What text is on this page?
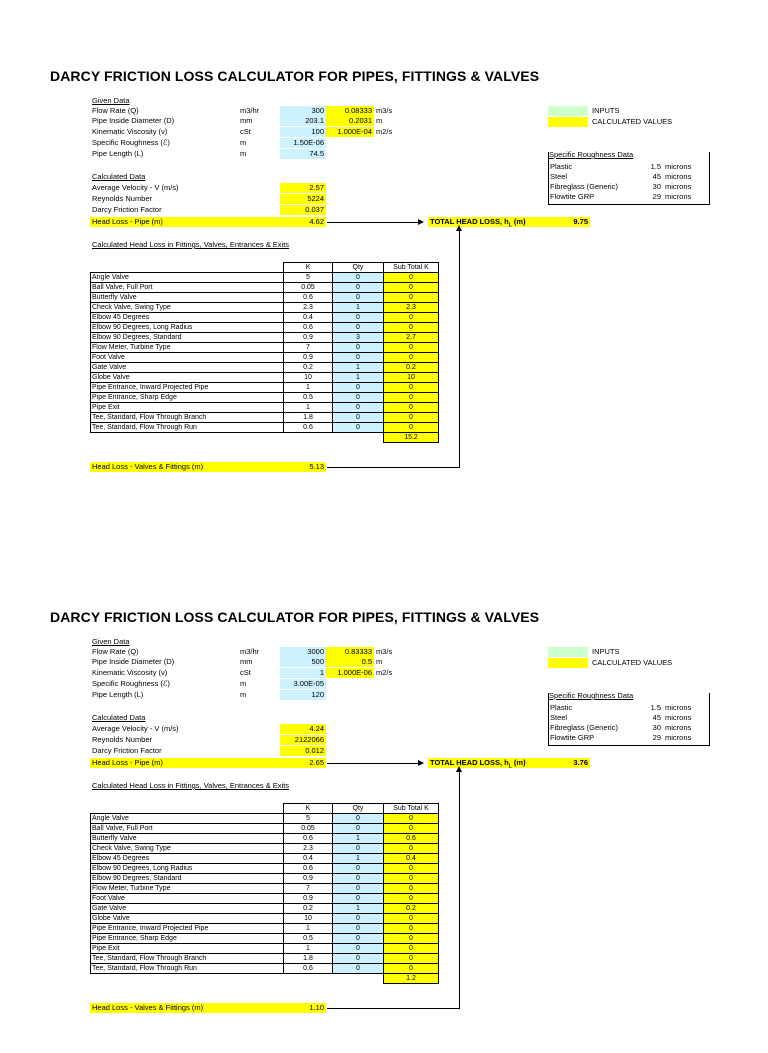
DARCY FRICTION LOSS CALCULATOR FOR PIPES, FITTINGS & VALVES
Given Data
Flow Rate (Q)	m3/hr	300	0.08333 m3/s
Pipe Inside Diameter (D)	mm	203.1	0.2031 m
Kinematic Viscosity (ν)	cSt	100	1.000E-04 m2/s
Specific Roughness (ℰ)	m	1.50E-06
Pipe Length (L)	m	74.5
Calculated Data
Average Velocity - V (m/s)	2.57
Reynolds Number	5224
Darcy Friction Factor	0.037
Head Loss - Pipe (m)	4.62	TOTAL HEAD LOSS, $h_L$ (m)	9.75
INPUTS
CALCULATED VALUES
Specific Roughness Data
Plastic	1.5 microns
Steel	45 microns
Fibreglass (Generic)	30 microns
Flowtite GRP	29 microns
Calculated Head Loss in Fittings, Valves, Entrances & Exits
	K	Qty	Sub Total K
Angle Valve	5	0	0
Ball Valve, Full Port	0.05	0	0
Butterfly Valve	0.6	0	0
Check Valve, Swing Type	2.3	1	2.3
Elbow 45 Degrees	0.4	0	0
Elbow 90 Degrees, Long Radius	0.6	0	0
Elbow 90 Degrees, Standard	0.9	3	2.7
Flow Meter, Turbine Type	7	0	0
Foot Valve	0.9	0	0
Gate Valve	0.2	1	0.2
Globe Valve	10	1	10
Pipe Entrance, Inward Projected Pipe	1	0	0
Pipe Entrance, Sharp Edge	0.5	0	0
Pipe Exit	1	0	0
Tee, Standard, Flow Through Branch	1.8	0	0
Tee, Standard, Flow Through Run	0.6	0	0
			15.2
Head Loss - Valves & Fittings (m)	5.13
DARCY FRICTION LOSS CALCULATOR FOR PIPES, FITTINGS & VALVES
Given Data
Flow Rate (Q)	m3/hr	3000	0.83333 m3/s
Pipe Inside Diameter (D)	mm	500	0.5 m
Kinematic Viscosity (ν)	cSt	1	1.000E-06 m2/s
Specific Roughness (ℰ)	m	3.00E-05
Pipe Length (L)	m	120
Calculated Data
Average Velocity - V (m/s)	4.24
Reynolds Number	2122066
Darcy Friction Factor	0.012
Head Loss - Pipe (m)	2.65	TOTAL HEAD LOSS, $h_L$ (m)	3.76
INPUTS
CALCULATED VALUES
Specific Roughness Data
Plastic	1.5 microns
Steel	45 microns
Fibreglass (Generic)	30 microns
Flowtite GRP	29 microns
Calculated Head Loss in Fittings, Valves, Entrances & Exits
	K	Qty	Sub Total K
Angle Valve	5	0	0
Ball Valve, Full Port	0.05	0	0
Butterfly Valve	0.6	1	0.6
Check Valve, Swing Type	2.3	0	0
Elbow 45 Degrees	0.4	1	0.4
Elbow 90 Degrees, Long Radius	0.6	0	0
Elbow 90 Degrees, Standard	0.9	0	0
Flow Meter, Turbine Type	7	0	0
Foot Valve	0.9	0	0
Gate Valve	0.2	1	0.2
Globe Valve	10	0	0
Pipe Entrance, Inward Projected Pipe	1	0	0
Pipe Entrance, Sharp Edge	0.5	0	0
Pipe Exit	1	0	0
Tee, Standard, Flow Through Branch	1.8	0	0
Tee, Standard, Flow Through Run	0.6	0	0
			1.2
Head Loss - Valves & Fittings (m)	1.10
